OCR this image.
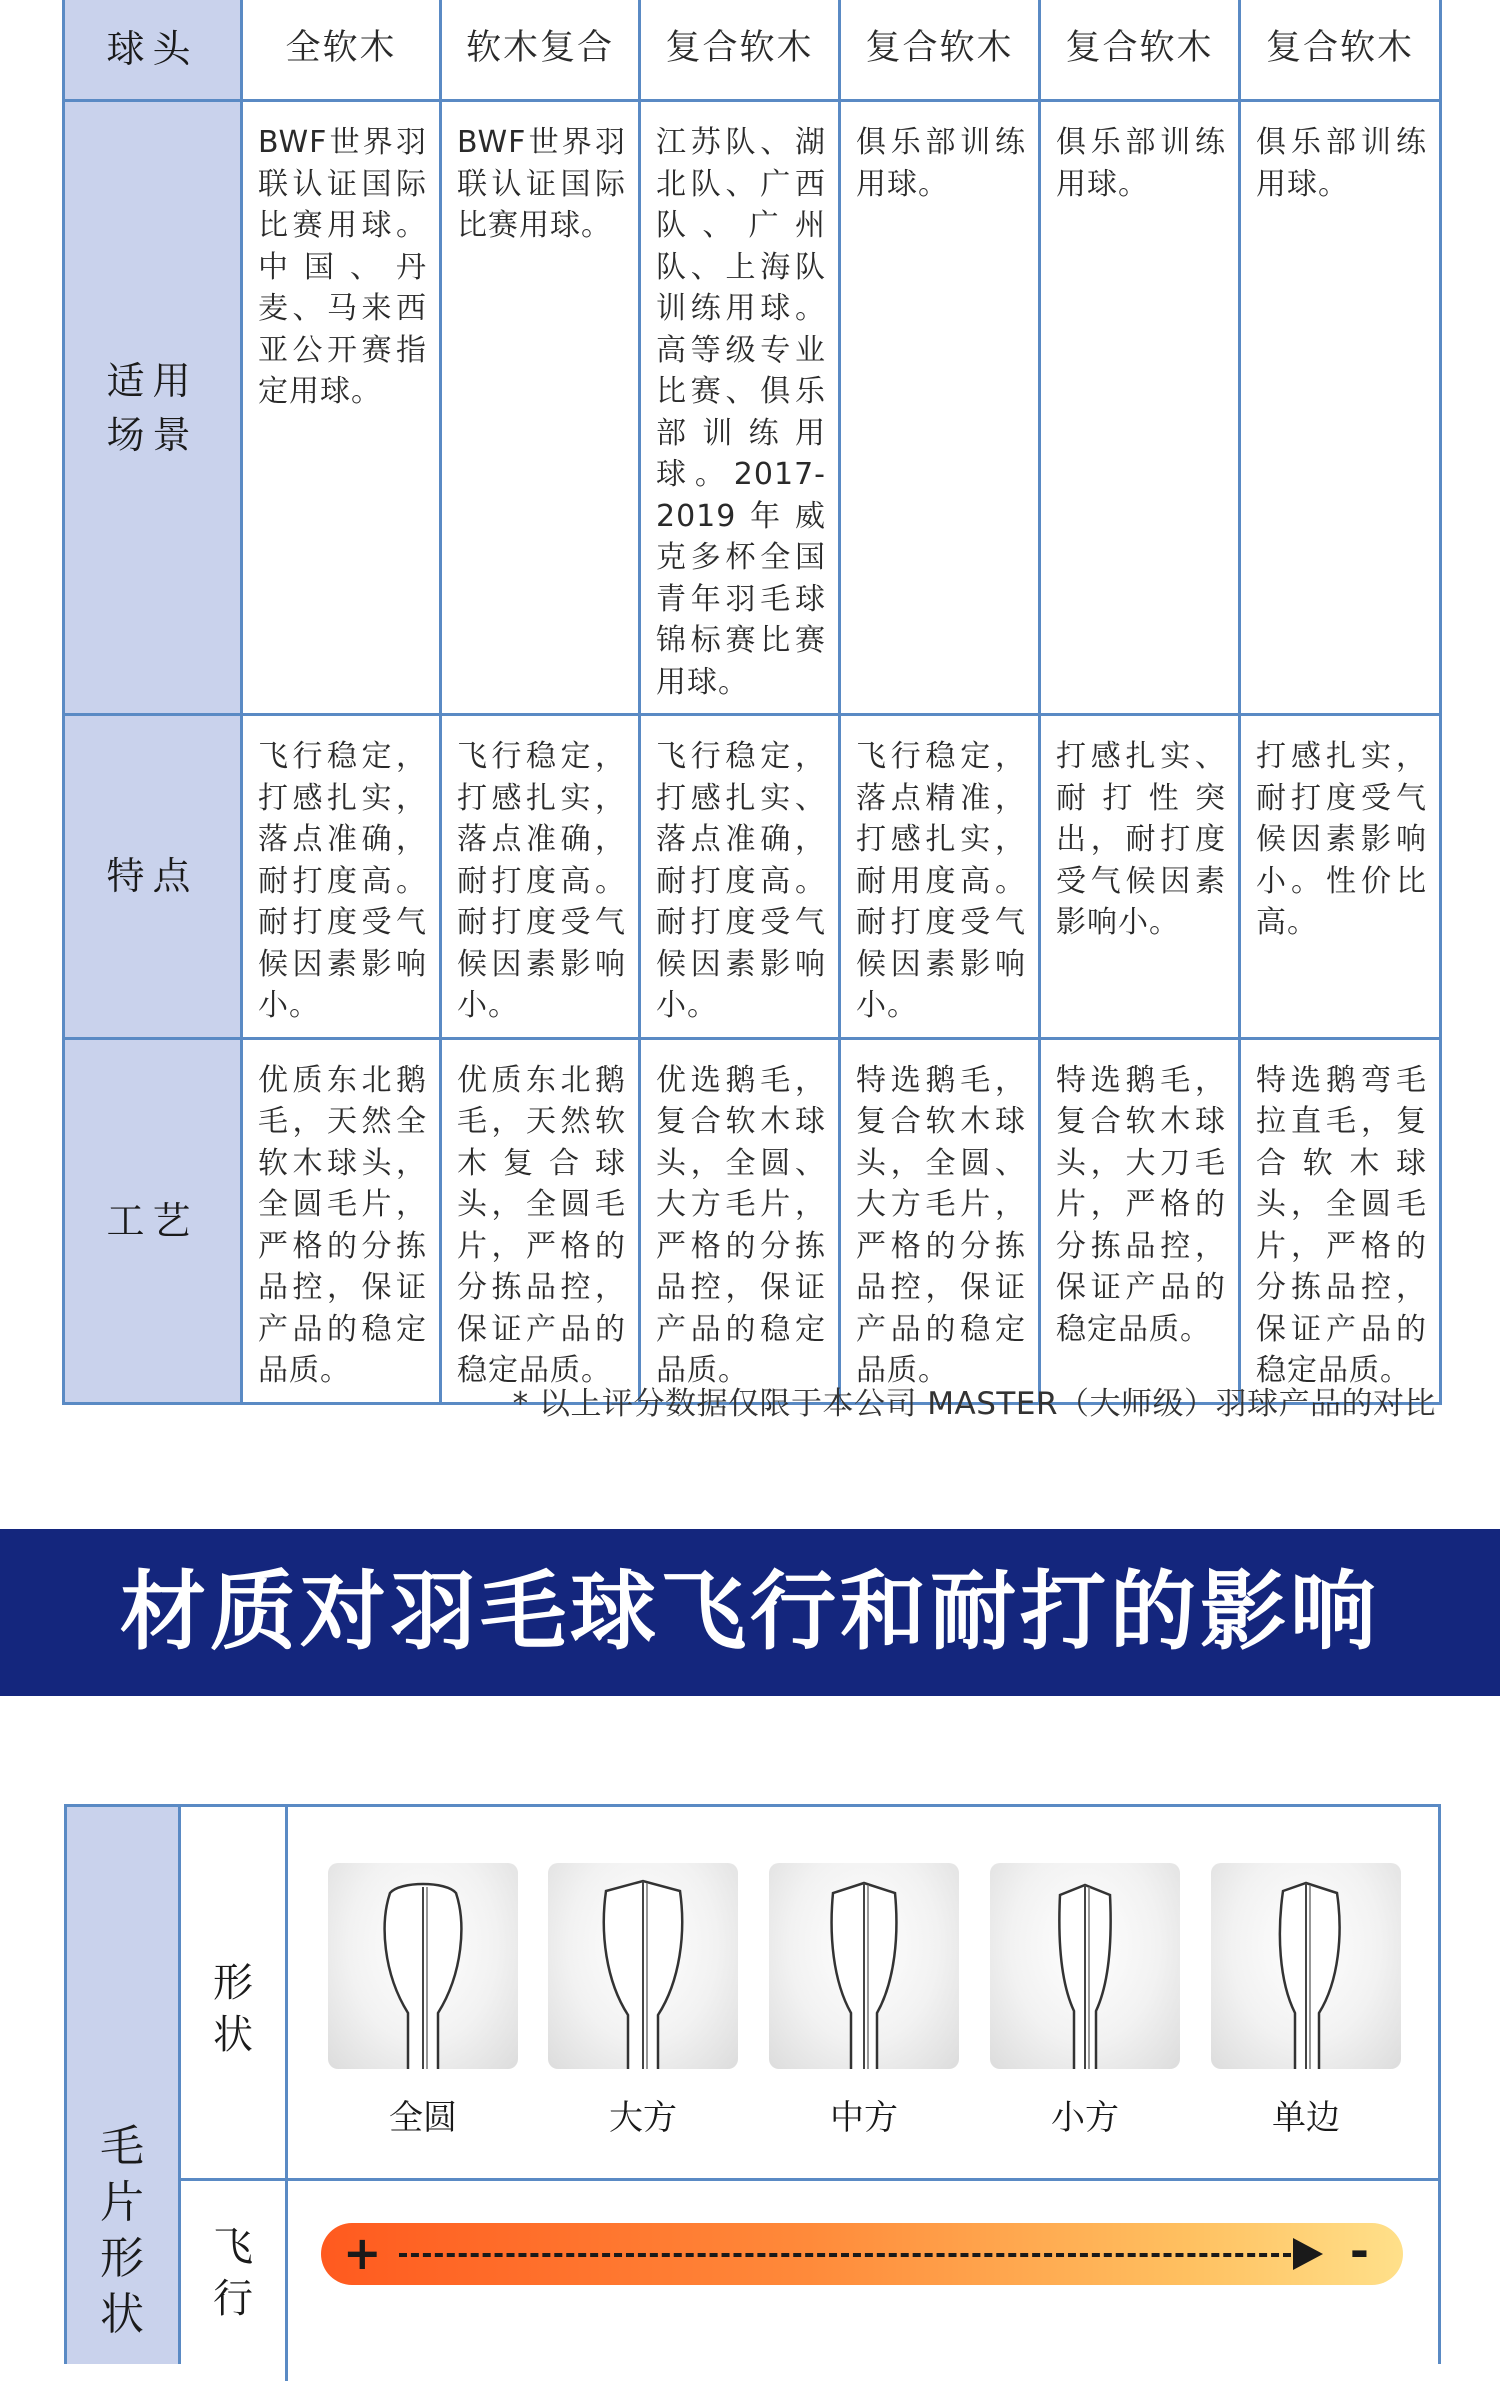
球头	全软木	软木复合	复合软木	复合软木	复合软木	复合软木

适用场景	BWF世界羽联认证国际比赛用球。中国、丹麦、马来西亚公开赛指定用球。	BWF世界羽联认证国际比赛用球。	江苏队、湖北队、广西队、广州队、上海队训练用球。高等级专业比赛、俱乐部训练用球。2017-2019年威克多杯全国青年羽毛球锦标赛比赛用球。	俱乐部训练用球。	俱乐部训练用球。	俱乐部训练用球。

特点	飞行稳定，打感扎实，落点准确，耐打度高。耐打度受气候因素影响小。	飞行稳定，打感扎实，落点准确，耐打度高。耐打度受气候因素影响小。	飞行稳定，打感扎实、落点准确，耐打度高。耐打度受气候因素影响小。	飞行稳定，落点精准，打感扎实，耐用度高。 耐打度受气候因素影响小。	打感扎实、耐打性突出，耐打度受气候因素影响小。	打感扎实，耐打度受气候因素影响小。性价比高。

工艺	优质东北鹅毛，天然全软木球头，全圆毛片，严格的分拣品控，保证产品的稳定品质。	优质东北鹅毛，天然软木复合球头，全圆毛片，严格的分拣品控，保证产品的稳定品质。	优选鹅毛，复合软木球头，全圆、大方毛片，严格的分拣品控，保证产品的稳定品质。	特选鹅毛，复合软木球头，全圆、大方毛片，严格的分拣品控，保证产品的稳定品质。	特选鹅毛，复合软木球头，大刀毛片，严格的分拣品控，保证产品的稳定品质。	特选鹅弯毛拉直毛，复合软木球头，全圆毛片，严格的分拣品控，保证产品的稳定品质。
* 以上评分数据仅限于本公司 MASTER（大师级）羽球产品的对比
材质对羽毛球飞行和耐打的影响
毛片形状
形状
飞行
全圆	大方	中方	小方	单边
+	-
